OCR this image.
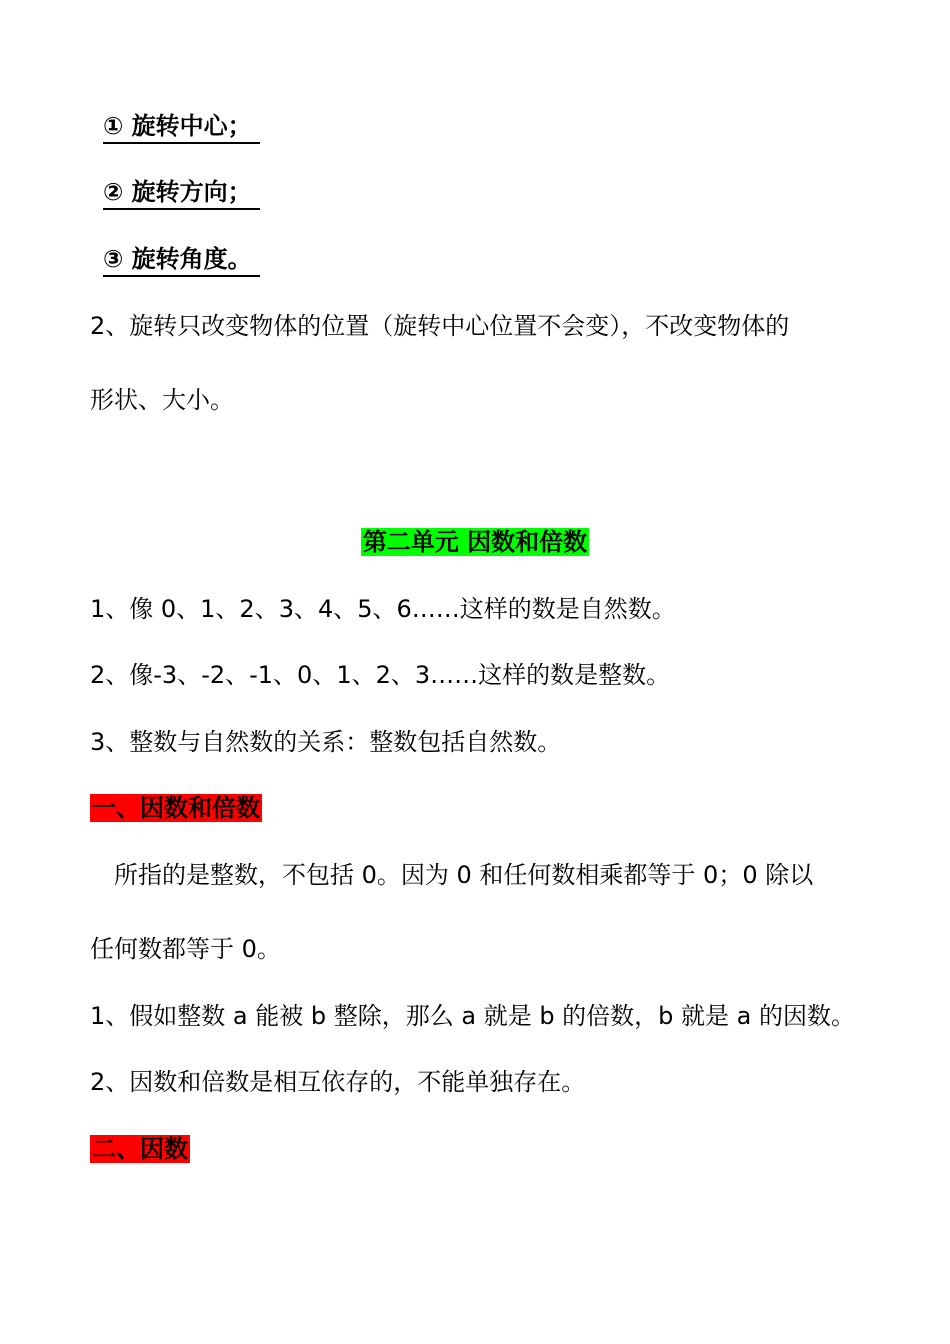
① 旋转中心；

② 旋转方向；

③ 旋转角度。

2、旋转只改变物体的位置（旋转中心位置不会变），不改变物体的

形状、大小。

第二单元 因数和倍数

1、像 0、1、2、3、4、5、6……这样的数是自然数。

2、像-3、-2、-1、0、1、2、3……这样的数是整数。

3、整数与自然数的关系：整数包括自然数。

一、因数和倍数

所指的是整数，不包括 0。因为 0 和任何数相乘都等于 0；0 除以

任何数都等于 0。

1、假如整数 a 能被 b 整除，那么 a 就是 b 的倍数，b 就是 a 的因数。

2、因数和倍数是相互依存的，不能单独存在。

二、因数
